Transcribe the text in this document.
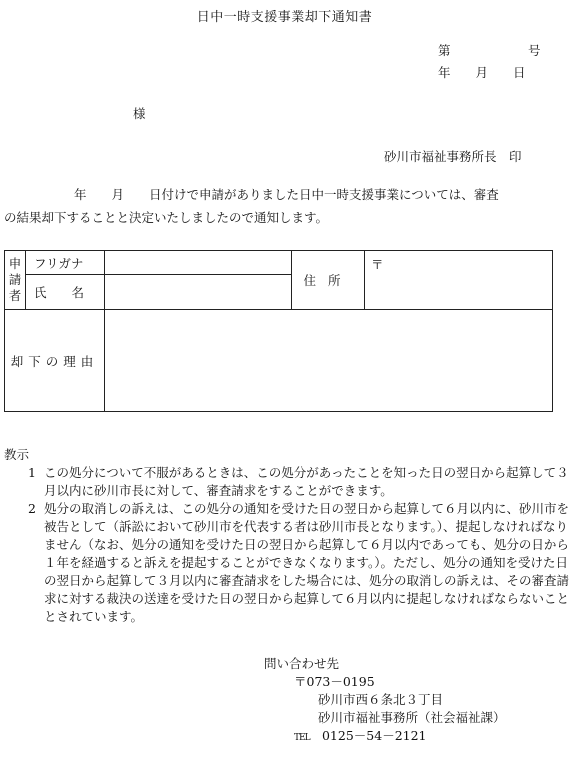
日中一時支援事業却下通知書
第	号
年　　月　　日
様
砂川市福祉事務所長　印

年　　月　　日付けで申請がありました日中一時支援事業については、審査

の結果却下することと決定いたしましたので通知します。

申請者	フリガナ		住所	〒
	氏　　名			
却下の理由				

教示

1 この処分について不服があるときは、この処分があったことを知った日の翌日から起算して３月以内に砂川市長に対して、審査請求をすることができます。
2 処分の取消しの訴えは、この処分の通知を受けた日の翌日から起算して６月以内に、砂川市を被告として（訴訟において砂川市を代表する者は砂川市長となります。）、提起しなければなりません（なお、処分の通知を受けた日の翌日から起算して６月以内であっても、処分の日から１年を経過すると訴えを提起することができなくなります。）。ただし、処分の通知を受けた日の翌日から起算して３月以内に審査請求をした場合には、処分の取消しの訴えは、その審査請求に対する裁決の送達を受けた日の翌日から起算して６月以内に提起しなければならないこととされています。
問い合わせ先
〒073－0195
砂川市西６条北３丁目
砂川市福祉事務所（社会福祉課）
TEL 0125－54－2121
